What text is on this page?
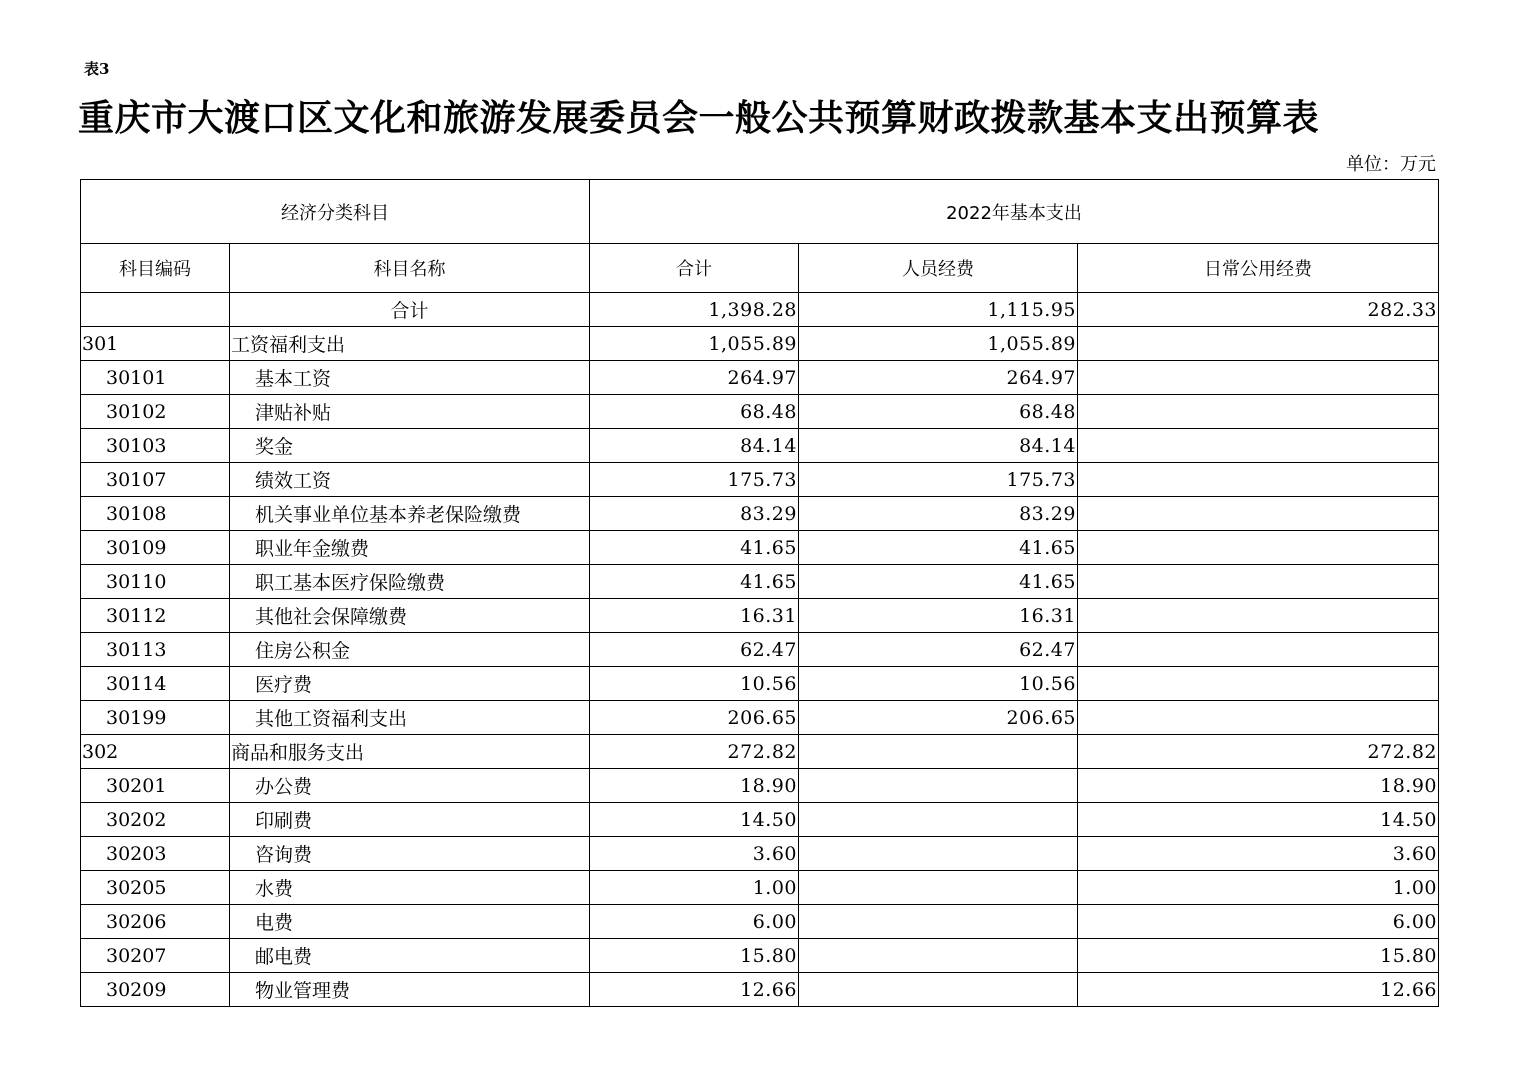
表3
重庆市大渡口区文化和旅游发展委员会一般公共预算财政拨款基本支出预算表
单位：万元
经济分类科目		2022年基本支出		
科目编码	科目名称	合计	人员经费	日常公用经费
	合计	1,398.28	1,115.95	282.33
301	工资福利支出	1,055.89	1,055.89	
30101	基本工资	264.97	264.97	
30102	津贴补贴	68.48	68.48	
30103	奖金	84.14	84.14	
30107	绩效工资	175.73	175.73	
30108	机关事业单位基本养老保险缴费	83.29	83.29	
30109	职业年金缴费	41.65	41.65	
30110	职工基本医疗保险缴费	41.65	41.65	
30112	其他社会保障缴费	16.31	16.31	
30113	住房公积金	62.47	62.47	
30114	医疗费	10.56	10.56	
30199	其他工资福利支出	206.65	206.65	
302	商品和服务支出	272.82		272.82
30201	办公费	18.90		18.90
30202	印刷费	14.50		14.50
30203	咨询费	3.60		3.60
30205	水费	1.00		1.00
30206	电费	6.00		6.00
30207	邮电费	15.80		15.80
30209	物业管理费	12.66		12.66
